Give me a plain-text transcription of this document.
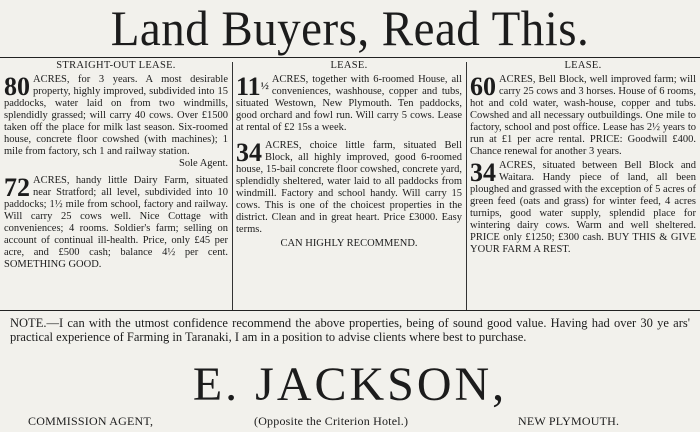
Land Buyers, Read This.
STRAIGHT-OUT LEASE.
80 ACRES, for 3 years. A most desirable property, highly improved, subdivided into 15 paddocks, water laid on from two windmills, splendidly grassed; will carry 40 cows. Over £1500 taken off the place for milk last season. Six-roomed house, concrete floor cowshed (with machines); 1 mile from factory, sch 1 and railway station.

Sole Agent.

72 ACRES, handy little Dairy Farm, situated near Stratford; all level, subdivided into 10 paddocks; 1½ mile from school, factory and railway. Will carry 25 cows well. Nice Cottage with conveniences; 4 rooms. Soldier's farm; selling on account of continual ill-health. Price, only £45 per acre, and £500 cash; balance 4½ per cent. SOMETHING GOOD.

LEASE.
$11^{\frac{1}{2}}$

ACRES, together with 6-roomed House, all conveniences, washhouse, copper and tubs, situated Westown, New Plymouth. Ten paddocks, good orchard and fowl run. Will carry 5 cows. Lease at rental of £2 15s a week.

34 ACRES, choice little farm, situated Bell Block, all highly improved, good 6-roomed house, 15-bail concrete floor cowshed, concrete yard, splendidly sheltered, water laid to all paddocks from windmill. Factory and school handy. Will carry 15 cows. This is one of the choicest properties in the district. Clean and in great heart. Price £3000. Easy terms.

CAN HIGHLY RECOMMEND.

LEASE.
60 ACRES, Bell Block, well improved farm; will carry 25 cows and 3 horses. House of 6 rooms, hot and cold water, wash-house, copper and tubs. Cowshed and all necessary outbuildings. One mile to factory, school and post office. Lease has 2½ years to run at £1 per acre rental. PRICE: Goodwill £400. Chance renewal for another 3 years.

34 ACRES, situated between Bell Block and Waitara. Handy piece of land, all been ploughed and grassed with the exception of 5 acres of green feed (oats and grass) for winter feed, 4 acres turnips, good water supply, splendid place for wintering dairy cows. Warm and well sheltered. PRICE only £1250; £300 cash. BUY THIS & GIVE YOUR FARM A REST.

NOTE.—I can with the utmost confidence recommend the above properties, being of sound good value. Having had over 30 ye ars' practical experience of Farming in Taranaki, I am in a position to advise clients where best to purchase.
E. JACKSON,
COMMISSION AGENT,	(Opposite the Criterion Hotel.)	NEW PLYMOUTH.
